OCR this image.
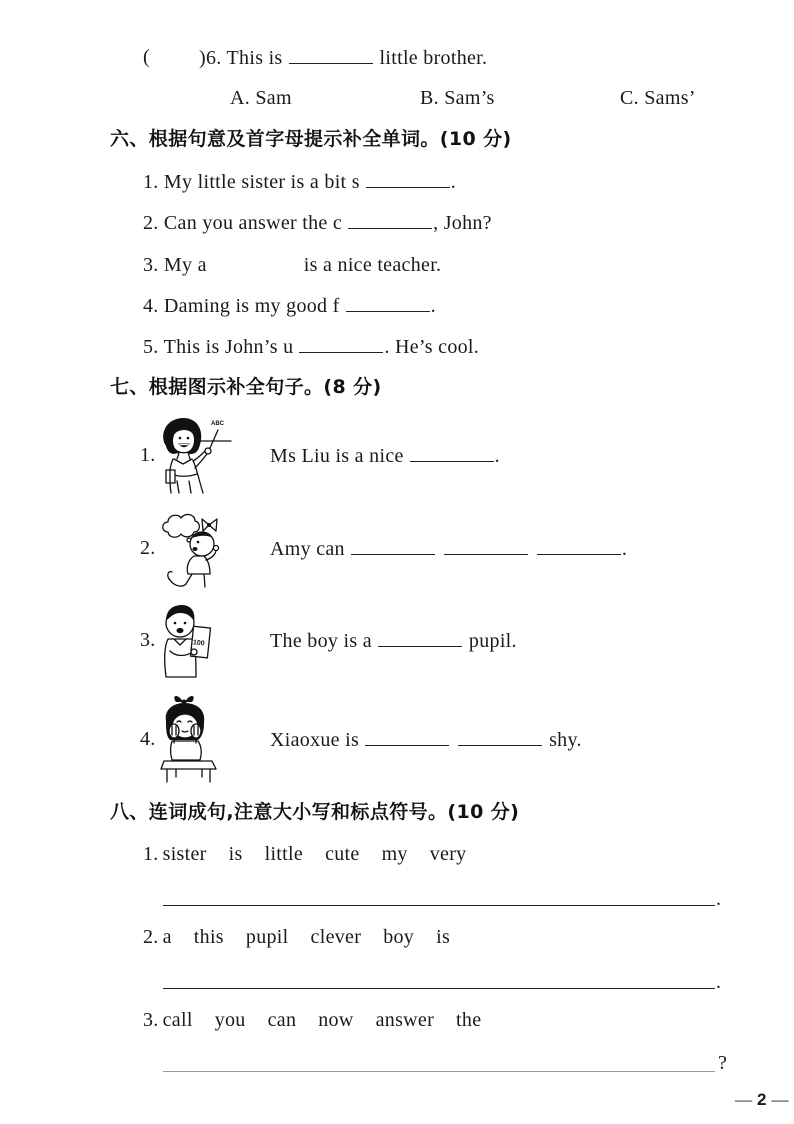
( )6. This is	little brother.
A. Sam	B. Sam’s	C. Sams’
六、根据句意及首字母提示补全单词。(10 分)
1. My little sister is a bit s	.
2. Can you answer the c	, John?
3. My a	is a nice teacher.
4. Daming is my good f	.
5. This is John’s u	. He’s cool.
七、根据图示补全句子。(8 分)
1.
ABC
Ms Liu is a nice	.
2.	Amy can	.
3.	100	The boy is a	pupil.
4.	Xiaoxue is	shy.
八、连词成句,注意大小写和标点符号。(10 分)
1. sister is little cute my very
.
2. a this pupil clever boy is
.
3. call you can now answer the
?
— 2 —
